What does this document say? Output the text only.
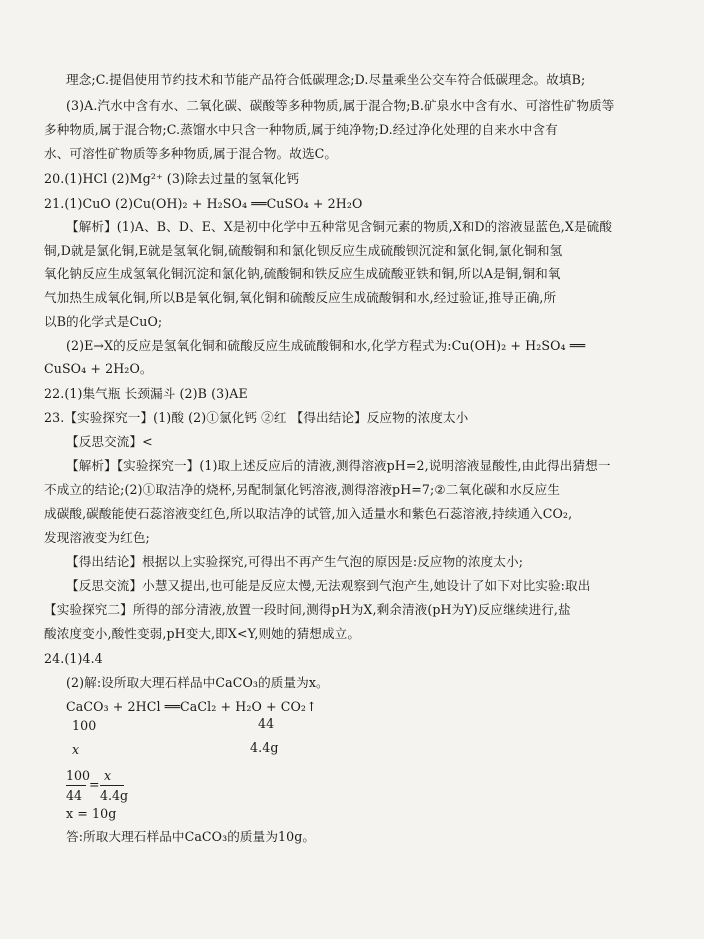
理念;C.提倡使用节约技术和节能产品符合低碳理念;D.尽量乘坐公交车符合低碳理念。故填B;
(3)A.汽水中含有水、二氧化碳、碳酸等多种物质,属于混合物;B.矿泉水中含有水、可溶性矿物质等
多种物质,属于混合物;C.蒸馏水中只含一种物质,属于纯净物;D.经过净化处理的自来水中含有
水、可溶性矿物质等多种物质,属于混合物。故选C。
20.(1)HCl (2)Mg²⁺ (3)除去过量的氢氧化钙
21.(1)CuO (2)Cu(OH)₂ + H₂SO₄ ══CuSO₄ + 2H₂O
【解析】(1)A、B、D、E、X是初中化学中五种常见含铜元素的物质,X和D的溶液显蓝色,X是硫酸
铜,D就是氯化铜,E就是氢氧化铜,硫酸铜和和氯化钡反应生成硫酸钡沉淀和氯化铜,氯化铜和氢
氧化钠反应生成氢氧化铜沉淀和氯化钠,硫酸铜和铁反应生成硫酸亚铁和铜,所以A是铜,铜和氧
气加热生成氧化铜,所以B是氧化铜,氧化铜和硫酸反应生成硫酸铜和水,经过验证,推导正确,所
以B的化学式是CuO;
(2)E→X的反应是氢氧化铜和硫酸反应生成硫酸铜和水,化学方程式为:Cu(OH)₂ + H₂SO₄ ══
CuSO₄ + 2H₂O。
22.(1)集气瓶 长颈漏斗 (2)B (3)AE
23.【实验探究一】(1)酸 (2)①氯化钙 ②红 【得出结论】反应物的浓度太小
【反思交流】<
【解析】【实验探究一】(1)取上述反应后的清液,测得溶液pH=2,说明溶液显酸性,由此得出猜想一
不成立的结论;(2)①取洁净的烧杯,另配制氯化钙溶液,测得溶液pH=7;②二氧化碳和水反应生
成碳酸,碳酸能使石蕊溶液变红色,所以取洁净的试管,加入适量水和紫色石蕊溶液,持续通入CO₂,
发现溶液变为红色;
【得出结论】根据以上实验探究,可得出不再产生气泡的原因是:反应物的浓度太小;
【反思交流】小慧又提出,也可能是反应太慢,无法观察到气泡产生,她设计了如下对比实验:取出
【实验探究二】所得的部分清液,放置一段时间,测得pH为X,剩余清液(pH为Y)反应继续进行,盐
酸浓度变小,酸性变弱,pH变大,即X<Y,则她的猜想成立。
24.(1)4.4
(2)解:设所取大理石样品中CaCO₃的质量为x。
CaCO₃ + 2HCl ══CaCl₂ + H₂O + CO₂↑
100	44
x	4.4g
100
44
=
x
4.4g
x = 10g
答:所取大理石样品中CaCO₃的质量为10g。
